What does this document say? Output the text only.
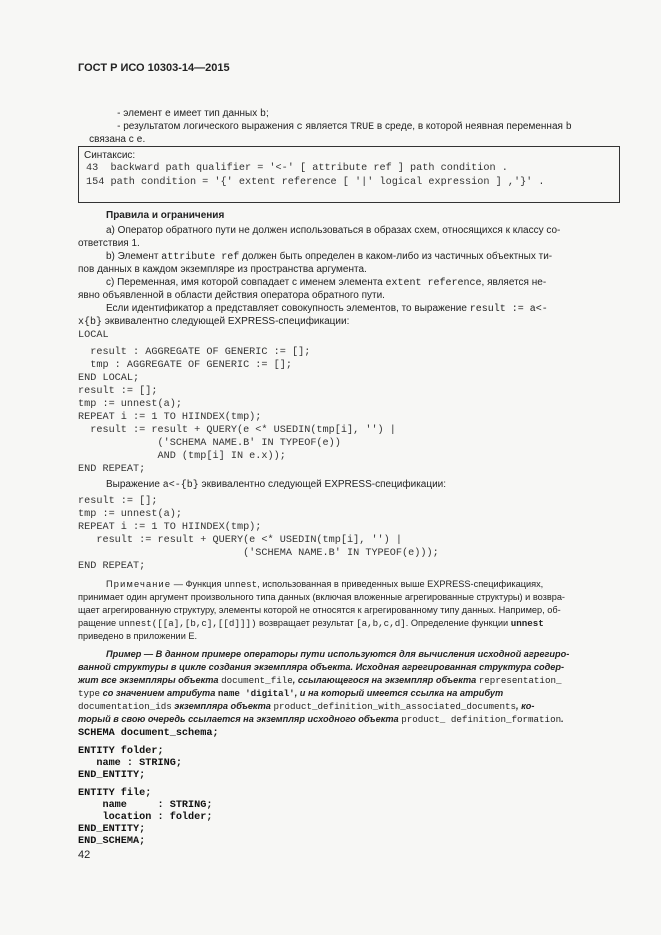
ГОСТ Р ИСО 10303-14—2015

- элемент e имеет тип данных b;

- результатом логического выражения c является TRUE в среде, в которой неявная переменная b

связана с e.

Синтаксис:
43 backward path qualifier = '<-' [ attribute ref ] path condition .
154 path condition = '{' extent reference [ '|' logical expression ] ,'}' .
Правила и ограничения
а) Оператор обратного пути не должен использоваться в образах схем, относящихся к классу со-
ответствия 1.
b) Элемент attribute ref должен быть определен в каком-либо из частичных объектных ти-
пов данных в каждом экземпляре из пространства аргумента.
с) Переменная, имя которой совпадает с именем элемента extent reference, является не-
явно объявленной в области действия оператора обратного пути.
Если идентификатор a представляет совокупность элементов, то выражение result := a<-
x{b} эквивалентно следующей EXPRESS-спецификации:
LOCAL
result : AGGREGATE OF GENERIC := [];
tmp : AGGREGATE OF GENERIC := [];
END LOCAL;
result := [];
tmp := unnest(a);
REPEAT i := 1 TO HIINDEX(tmp);
result := result + QUERY(e <* USEDIN(tmp[i], '') |
('SCHEMA NAME.B' IN TYPEOF(e))
AND (tmp[i] IN e.x));
END REPEAT;
Выражение a<-{b} эквивалентно следующей EXPRESS-спецификации:
result := [];
tmp := unnest(a);
REPEAT i := 1 TO HIINDEX(tmp);
result := result + QUERY(e <* USEDIN(tmp[i], '') |
('SCHEMA NAME.B' IN TYPEOF(e)));
END REPEAT;
Примечание — Функция unnest, использованная в приведенных выше EXPRESS-спецификациях,
принимает один аргумент произвольного типа данных (включая вложенные агрегированные структуры) и возвра-
щает агрегированную структуру, элементы которой не относятся к агрегированному типу данных. Например, об-
ращение unnest([[a],[b,c],[[d]]]) возвращает результат [a,b,c,d]. Определение функции unnest
приведено в приложении Е.
Пример — В данном примере операторы пути используются для вычисления исходной агрегиро-
ванной структуры в цикле создания экземпляра объекта. Исходная агрегированная структура содер-
жит все экземпляры объекта document_file, ссылающегося на экземпляр объекта representation_
type со значением атрибута name 'digital', и на который имеется ссылка на атрибут
documentation_ids экземпляра объекта product_definition_with_associated_documents, ко-
торый в свою очередь ссылается на экземпляр исходного объекта product_ definition_formation.
SCHEMA document_schema;
ENTITY folder;
name : STRING;
END_ENTITY;
ENTITY file;
name     : STRING;
location : folder;
END_ENTITY;
END_SCHEMA;
42
